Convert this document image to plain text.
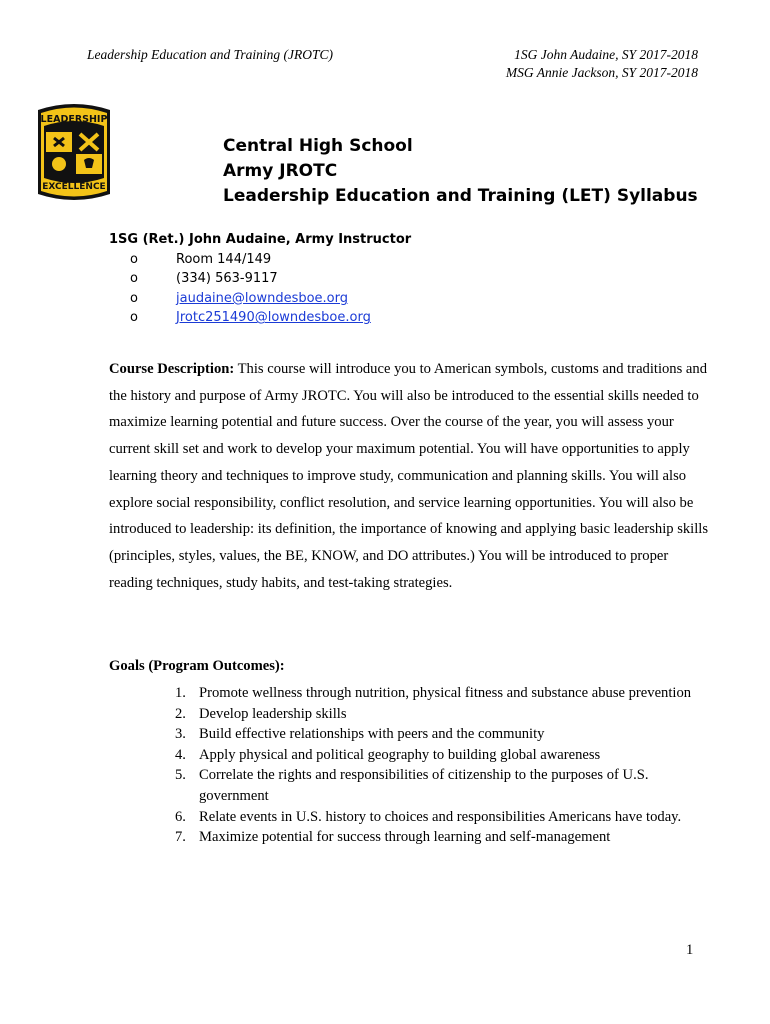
Leadership Education and Training (JROTC)	1SG John Audaine, SY 2017-2018
MSG Annie Jackson, SY 2017-2018
LEADERSHIP
EXCELLENCE
Central High School
Army JROTC
Leadership Education and Training (LET) Syllabus
1SG (Ret.) John Audaine, Army Instructor
o	Room 144/149
o	(334) 563-9117
o	jaudaine@lowndesboe.org
o	Jrotc251490@lowndesboe.org
Course Description: This course will introduce you to American symbols, customs and traditions and the history and purpose of Army JROTC. You will also be introduced to the essential skills needed to maximize learning potential and future success. Over the course of the year, you will assess your current skill set and work to develop your maximum potential. You will have opportunities to apply learning theory and techniques to improve study, communication and planning skills. You will also explore social responsibility, conflict resolution, and service learning opportunities. You will also be introduced to leadership: its definition, the importance of knowing and applying basic leadership skills (principles, styles, values, the BE, KNOW, and DO attributes.) You will be introduced to proper reading techniques, study habits, and test-taking strategies.
Goals (Program Outcomes):
1. Promote wellness through nutrition, physical fitness and substance abuse prevention
2. Develop leadership skills
3. Build effective relationships with peers and the community
4. Apply physical and political geography to building global awareness
5. Correlate the rights and responsibilities of citizenship to the purposes of U.S. government
6. Relate events in U.S. history to choices and responsibilities Americans have today.
7. Maximize potential for success through learning and self-management
1
